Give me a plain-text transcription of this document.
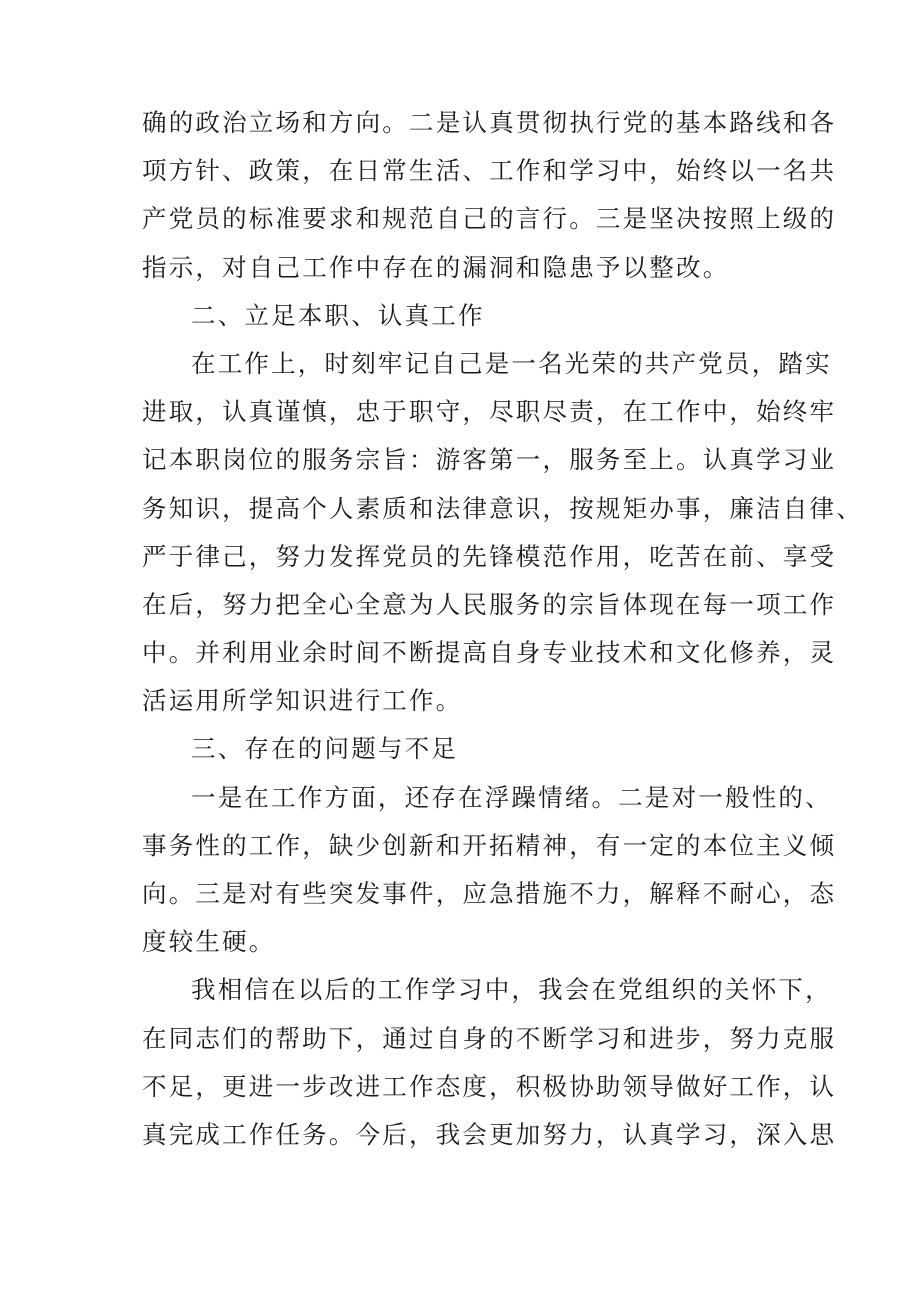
确的政治立场和方向。二是认真贯彻执行党的基本路线和各
项方针、政策，在日常生活、工作和学习中，始终以一名共
产党员的标准要求和规范自己的言行。三是坚决按照上级的
指示，对自己工作中存在的漏洞和隐患予以整改。
二、立足本职、认真工作
在工作上，时刻牢记自己是一名光荣的共产党员，踏实
进取，认真谨慎，忠于职守，尽职尽责，在工作中，始终牢
记本职岗位的服务宗旨：游客第一，服务至上。认真学习业
务知识，提高个人素质和法律意识，按规矩办事，廉洁自律、
严于律己，努力发挥党员的先锋模范作用，吃苦在前、享受
在后，努力把全心全意为人民服务的宗旨体现在每一项工作
中。并利用业余时间不断提高自身专业技术和文化修养，灵
活运用所学知识进行工作。
三、存在的问题与不足
一是在工作方面，还存在浮躁情绪。二是对一般性的、
事务性的工作，缺少创新和开拓精神，有一定的本位主义倾
向。三是对有些突发事件，应急措施不力，解释不耐心，态
度较生硬。
我相信在以后的工作学习中，我会在党组织的关怀下，
在同志们的帮助下，通过自身的不断学习和进步，努力克服
不足，更进一步改进工作态度，积极协助领导做好工作，认
真完成工作任务。今后，我会更加努力，认真学习，深入思
